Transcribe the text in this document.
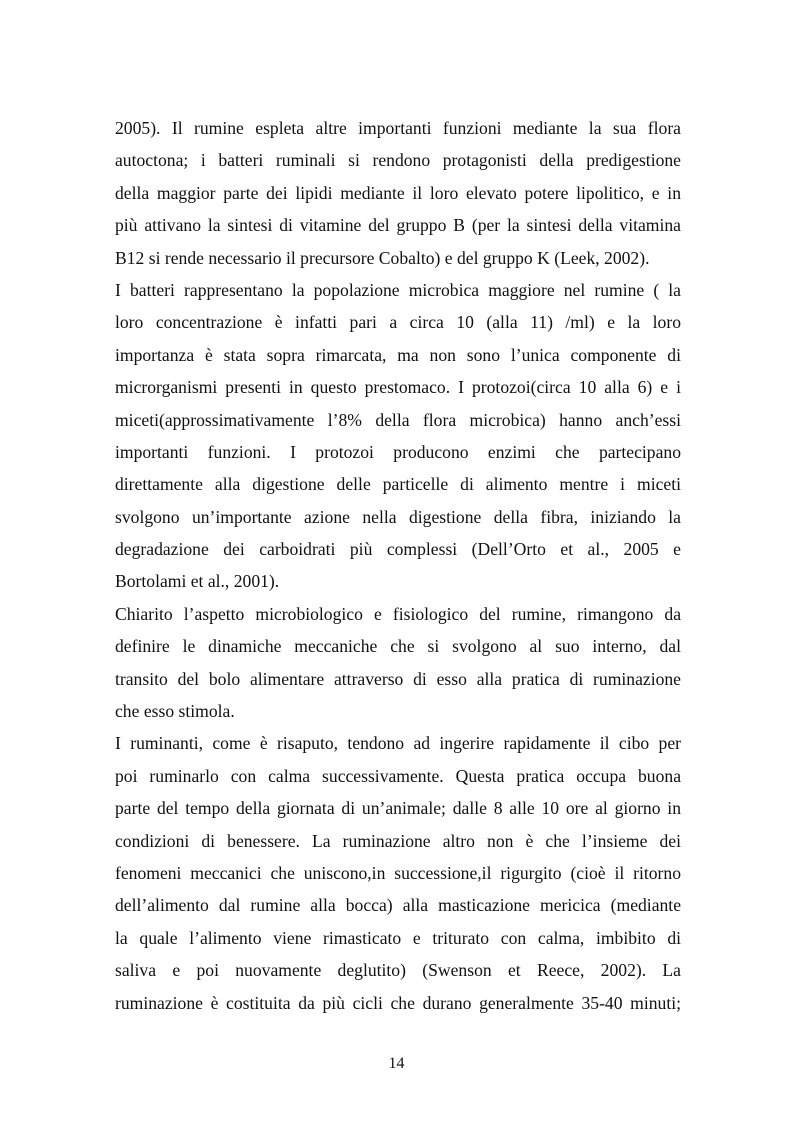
2005). Il rumine espleta altre importanti funzioni mediante la sua flora
autoctona; i batteri ruminali si rendono protagonisti della predigestione
della maggior parte dei lipidi mediante il loro elevato potere lipolitico, e in
più attivano la sintesi di vitamine del gruppo B (per la sintesi della vitamina
B12 si rende necessario il precursore Cobalto) e del gruppo K (Leek, 2002).
I batteri rappresentano la popolazione microbica maggiore nel rumine ( la
loro concentrazione è infatti pari a circa 10 (alla 11) /ml) e la loro
importanza è stata sopra rimarcata, ma non sono l’unica componente di
microrganismi presenti in questo prestomaco. I protozoi(circa 10 alla 6) e i
miceti(approssimativamente l’8% della flora microbica) hanno anch’essi
importanti funzioni. I protozoi producono enzimi che partecipano
direttamente alla digestione delle particelle di alimento mentre i miceti
svolgono un’importante azione nella digestione della fibra, iniziando la
degradazione dei carboidrati più complessi (Dell’Orto et al., 2005 e
Bortolami et al., 2001).
Chiarito l’aspetto microbiologico e fisiologico del rumine, rimangono da
definire le dinamiche meccaniche che si svolgono al suo interno, dal
transito del bolo alimentare attraverso di esso alla pratica di ruminazione
che esso stimola.
I ruminanti, come è risaputo, tendono ad ingerire rapidamente il cibo per
poi ruminarlo con calma successivamente. Questa pratica occupa buona
parte del tempo della giornata di un’animale; dalle 8 alle 10 ore al giorno in
condizioni di benessere. La ruminazione altro non è che l’insieme dei
fenomeni meccanici che uniscono,in successione,il rigurgito (cioè il ritorno
dell’alimento dal rumine alla bocca) alla masticazione mericica (mediante
la quale l’alimento viene rimasticato e triturato con calma, imbibito di
saliva e poi nuovamente deglutito) (Swenson et Reece, 2002). La
ruminazione è costituita da più cicli che durano generalmente 35-40 minuti;
14
